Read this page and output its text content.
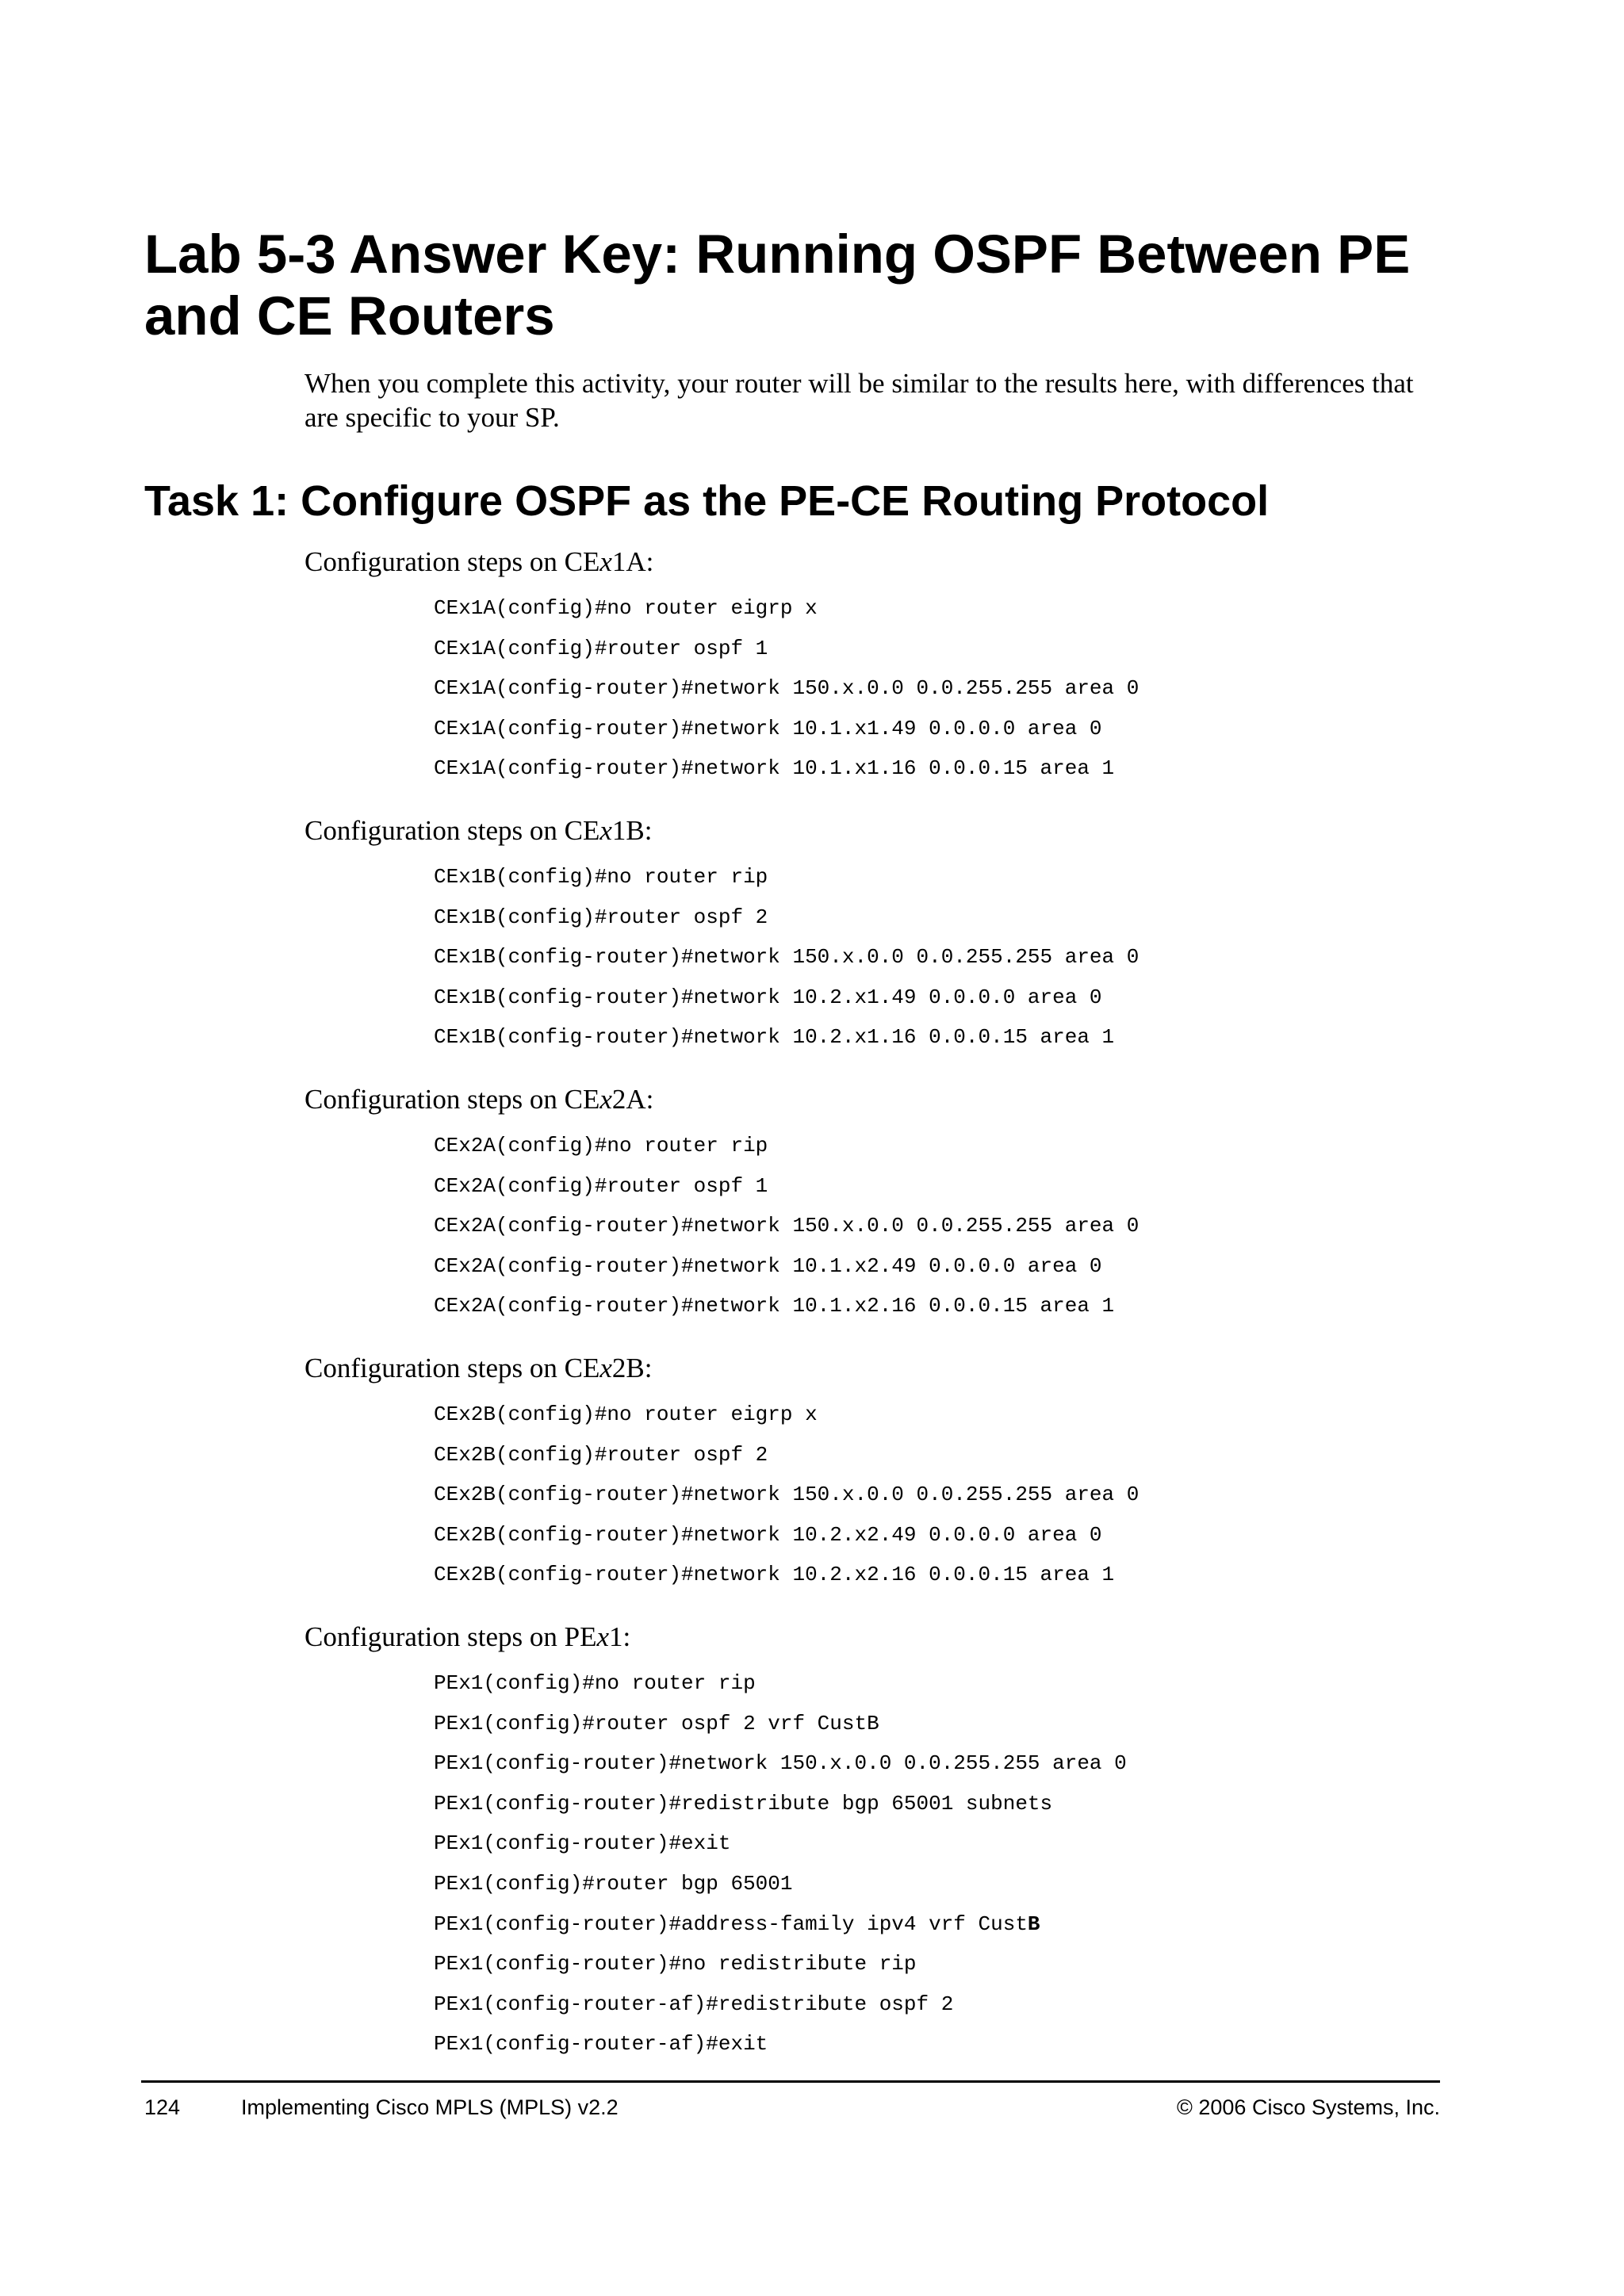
Lab 5-3 Answer Key: Running OSPF Between PE and CE Routers

When you complete this activity, your router will be similar to the results here, with differences that are specific to your SP.

Task 1: Configure OSPF as the PE-CE Routing Protocol

Configuration steps on CEx1A:

CEx1A(config)#no router eigrp x
CEx1A(config)#router ospf 1
CEx1A(config-router)#network 150.x.0.0 0.0.255.255 area 0
CEx1A(config-router)#network 10.1.x1.49 0.0.0.0 area 0
CEx1A(config-router)#network 10.1.x1.16 0.0.0.15 area 1

Configuration steps on CEx1B:

CEx1B(config)#no router rip
CEx1B(config)#router ospf 2
CEx1B(config-router)#network 150.x.0.0 0.0.255.255 area 0
CEx1B(config-router)#network 10.2.x1.49 0.0.0.0 area 0
CEx1B(config-router)#network 10.2.x1.16 0.0.0.15 area 1

Configuration steps on CEx2A:

CEx2A(config)#no router rip
CEx2A(config)#router ospf 1
CEx2A(config-router)#network 150.x.0.0 0.0.255.255 area 0
CEx2A(config-router)#network 10.1.x2.49 0.0.0.0 area 0
CEx2A(config-router)#network 10.1.x2.16 0.0.0.15 area 1

Configuration steps on CEx2B:

CEx2B(config)#no router eigrp x
CEx2B(config)#router ospf 2
CEx2B(config-router)#network 150.x.0.0 0.0.255.255 area 0
CEx2B(config-router)#network 10.2.x2.49 0.0.0.0 area 0
CEx2B(config-router)#network 10.2.x2.16 0.0.0.15 area 1

Configuration steps on PEx1:

PEx1(config)#no router rip
PEx1(config)#router ospf 2 vrf CustB
PEx1(config-router)#network 150.x.0.0 0.0.255.255 area 0
PEx1(config-router)#redistribute bgp 65001 subnets
PEx1(config-router)#exit
PEx1(config)#router bgp 65001
PEx1(config-router)#address-family ipv4 vrf CustB
PEx1(config-router)#no redistribute rip
PEx1(config-router-af)#redistribute ospf 2
PEx1(config-router-af)#exit
124	Implementing Cisco MPLS (MPLS) v2.2	© 2006 Cisco Systems, Inc.
